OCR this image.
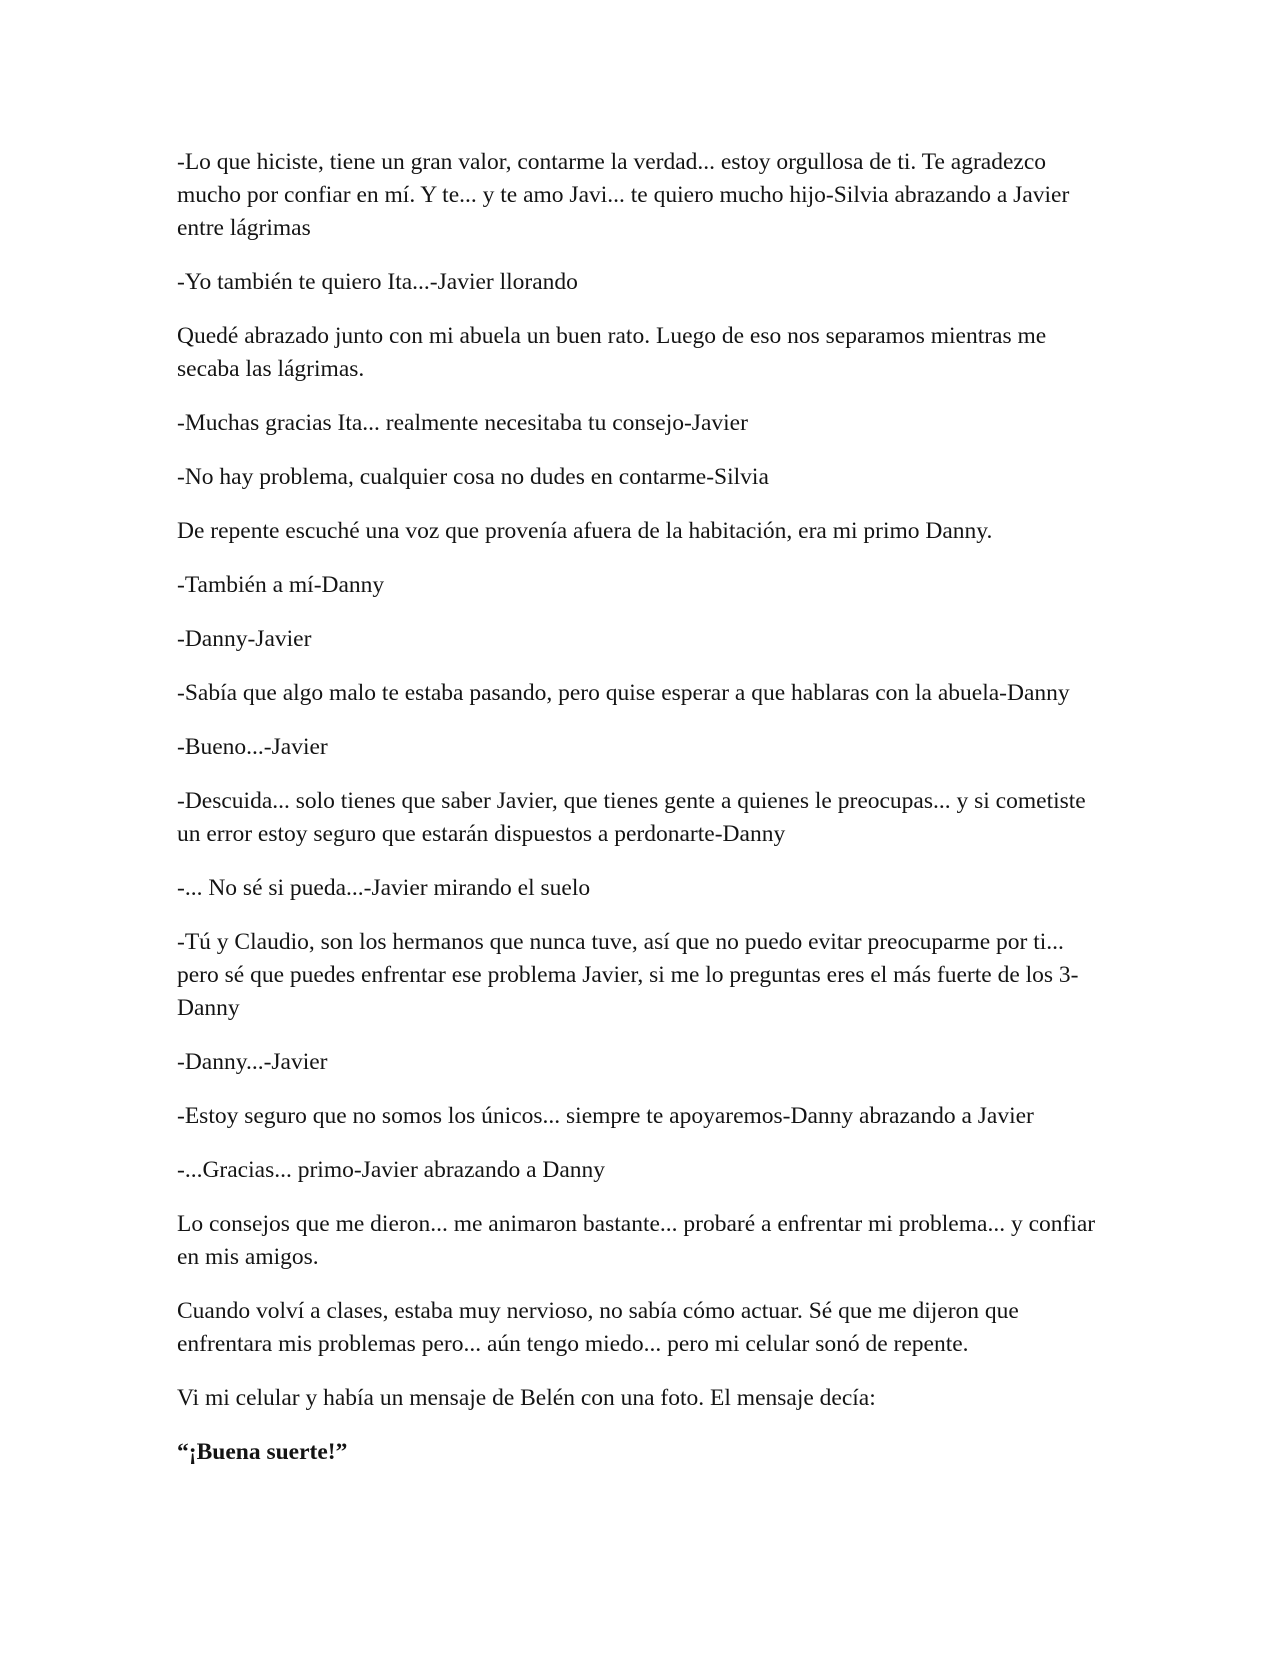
-Lo que hiciste, tiene un gran valor, contarme la verdad... estoy orgullosa de ti. Te agradezco mucho por confiar en mí. Y te... y te amo Javi... te quiero mucho hijo-Silvia abrazando a Javier entre lágrimas

-Yo también te quiero Ita...-Javier llorando

Quedé abrazado junto con mi abuela un buen rato. Luego de eso nos separamos mientras me secaba las lágrimas.

-Muchas gracias Ita... realmente necesitaba tu consejo-Javier

-No hay problema, cualquier cosa no dudes en contarme-Silvia

De repente escuché una voz que provenía afuera de la habitación, era mi primo Danny.

-También a mí-Danny

-Danny-Javier

-Sabía que algo malo te estaba pasando, pero quise esperar a que hablaras con la abuela-Danny

-Bueno...-Javier

-Descuida... solo tienes que saber Javier, que tienes gente a quienes le preocupas... y si cometiste un error estoy seguro que estarán dispuestos a perdonarte-Danny

-... No sé si pueda...-Javier mirando el suelo

-Tú y Claudio, son los hermanos que nunca tuve, así que no puedo evitar preocuparme por ti... pero sé que puedes enfrentar ese problema Javier, si me lo preguntas eres el más fuerte de los 3-Danny

-Danny...-Javier

-Estoy seguro que no somos los únicos... siempre te apoyaremos-Danny abrazando a Javier

-...Gracias... primo-Javier abrazando a Danny

Lo consejos que me dieron... me animaron bastante... probaré a enfrentar mi problema... y confiar en mis amigos.

Cuando volví a clases, estaba muy nervioso, no sabía cómo actuar. Sé que me dijeron que enfrentara mis problemas pero... aún tengo miedo... pero mi celular sonó de repente.

Vi mi celular y había un mensaje de Belén con una foto. El mensaje decía:

“¡Buena suerte!”
